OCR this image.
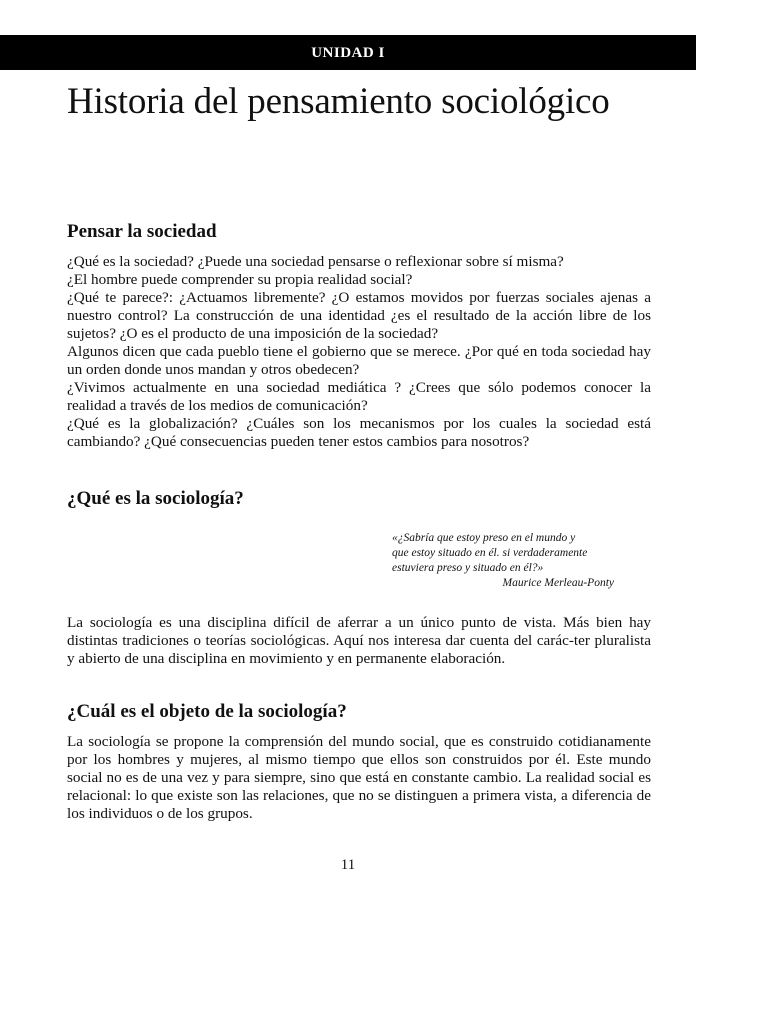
UNIDAD I
Historia del pensamiento sociológico
Pensar la sociedad

¿Qué es la sociedad? ¿Puede una sociedad pensarse o reflexionar sobre sí misma?
¿El hombre puede comprender su propia realidad social?
¿Qué te parece?: ¿Actuamos libremente? ¿O estamos movidos por fuerzas sociales ajenas a nuestro control? La construcción de una identidad ¿es el resultado de la acción libre de los sujetos? ¿O es el producto de una imposición de la sociedad?
Algunos dicen que cada pueblo tiene el gobierno que se merece. ¿Por qué en toda sociedad hay un orden donde unos mandan y otros obedecen?
¿Vivimos actualmente en una sociedad mediática ? ¿Crees que sólo podemos conocer la realidad a través de los medios de comunicación?
¿Qué es la globalización? ¿Cuáles son los mecanismos por los cuales la sociedad está cambiando? ¿Qué consecuencias pueden tener estos cambios para nosotros?

¿Qué es la sociología?
«¿Sabría que estoy preso en el mundo y
que estoy situado en él. si verdaderamente
estuviera preso y situado en él?»
Maurice Merleau-Ponty

La sociología es una disciplina difícil de aferrar a un único punto de vista. Más bien hay distintas tradiciones o teorías sociológicas. Aquí nos interesa dar cuenta del carác-ter pluralista y abierto de una disciplina en movimiento y en permanente elaboración.

¿Cuál es el objeto de la sociología?

La sociología se propone la comprensión del mundo social, que es construido cotidianamente por los hombres y mujeres, al mismo tiempo que ellos son construidos por él. Este mundo social no es de una vez y para siempre, sino que está en constante cambio. La realidad social es relacional: lo que existe son las relaciones, que no se distinguen a primera vista, a diferencia de los individuos o de los grupos.

11
